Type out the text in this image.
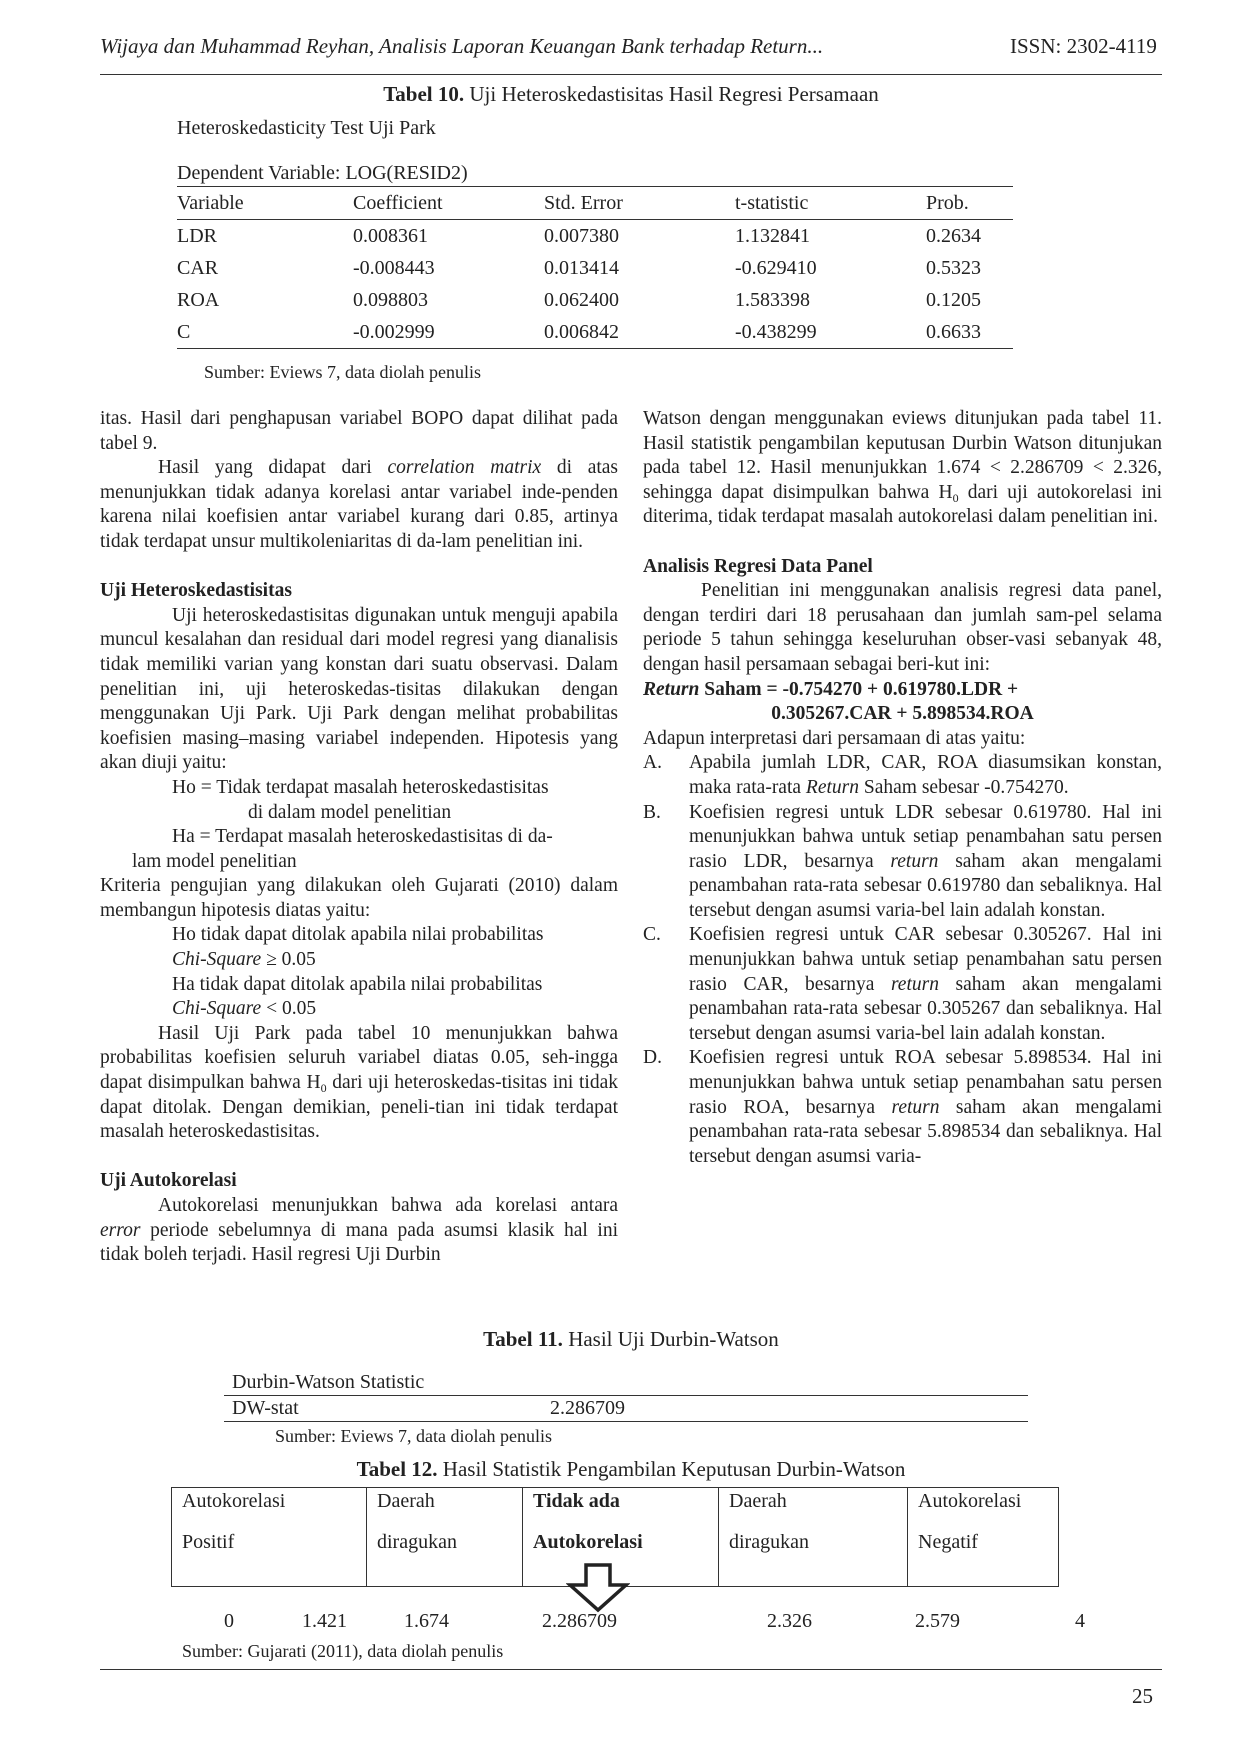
Wijaya dan Muhammad Reyhan, Analisis Laporan Keuangan Bank terhadap Return...	ISSN: 2302-4119
Tabel 10. Uji Heteroskedastisitas Hasil Regresi Persamaan
Heteroskedasticity Test Uji Park
Dependent Variable: LOG(RESID2)
Variable	Coefficient	Std. Error	t-statistic	Prob.
LDR	0.008361	0.007380	1.132841	0.2634
CAR	-0.008443	0.013414	-0.629410	0.5323
ROA	0.098803	0.062400	1.583398	0.1205
C	-0.002999	0.006842	-0.438299	0.6633
Sumber: Eviews 7, data diolah penulis

itas. Hasil dari penghapusan variabel BOPO dapat dilihat pada tabel 9.

Hasil yang didapat dari correlation matrix di atas menunjukkan tidak adanya korelasi antar variabel inde-penden karena nilai koefisien antar variabel kurang dari 0.85, artinya tidak terdapat unsur multikoleniaritas di da-lam penelitian ini.

Uji Heteroskedastisitas

Uji heteroskedastisitas digunakan untuk menguji apabila muncul kesalahan dan residual dari model regresi yang dianalisis tidak memiliki varian yang konstan dari suatu observasi. Dalam penelitian ini, uji heteroskedas-tisitas dilakukan dengan menggunakan Uji Park. Uji Park dengan melihat probabilitas koefisien masing–masing variabel independen. Hipotesis yang akan diuji yaitu:

Ho = Tidak terdapat masalah heteroskedastisitas

di dalam model penelitian

Ha = Terdapat masalah heteroskedastisitas di da-

lam model penelitian

Kriteria pengujian yang dilakukan oleh Gujarati (2010) dalam membangun hipotesis diatas yaitu:

Ho tidak dapat ditolak apabila nilai probabilitas

Chi-Square ≥ 0.05

Ha tidak dapat ditolak apabila nilai probabilitas

Chi-Square < 0.05

Hasil Uji Park pada tabel 10 menunjukkan bahwa probabilitas koefisien seluruh variabel diatas 0.05, seh-ingga dapat disimpulkan bahwa $H_0$ dari uji heteroskedas-tisitas ini tidak dapat ditolak. Dengan demikian, peneli-tian ini tidak terdapat masalah heteroskedastisitas.

Uji Autokorelasi

Autokorelasi menunjukkan bahwa ada korelasi antara error periode sebelumnya di mana pada asumsi klasik hal ini tidak boleh terjadi. Hasil regresi Uji Durbin

Watson dengan menggunakan eviews ditunjukan pada tabel 11. Hasil statistik pengambilan keputusan Durbin Watson ditunjukan pada tabel 12. Hasil menunjukkan 1.674 < 2.286709 < 2.326, sehingga dapat disimpulkan bahwa $H_0$ dari uji autokorelasi ini diterima, tidak terdapat masalah autokorelasi dalam penelitian ini.

Analisis Regresi Data Panel

Penelitian ini menggunakan analisis regresi data panel, dengan terdiri dari 18 perusahaan dan jumlah sam-pel selama periode 5 tahun sehingga keseluruhan obser-vasi sebanyak 48, dengan hasil persamaan sebagai beri-kut ini:

Return Saham = -0.754270 + 0.619780.LDR +

0.305267.CAR + 5.898534.ROA

Adapun interpretasi dari persamaan di atas yaitu:

A.	Apabila jumlah LDR, CAR, ROA diasumsikan konstan, maka rata-rata Return Saham sebesar -0.754270.

B.	Koefisien regresi untuk LDR sebesar 0.619780. Hal ini menunjukkan bahwa untuk setiap penambahan satu persen rasio LDR, besarnya return saham akan mengalami penambahan rata-rata sebesar 0.619780 dan sebaliknya. Hal tersebut dengan asumsi varia-bel lain adalah konstan.

C.	Koefisien regresi untuk CAR sebesar 0.305267. Hal ini menunjukkan bahwa untuk setiap penambahan satu persen rasio CAR, besarnya return saham akan mengalami penambahan rata-rata sebesar 0.305267 dan sebaliknya. Hal tersebut dengan asumsi varia-bel lain adalah konstan.

D.	Koefisien regresi untuk ROA sebesar 5.898534. Hal ini menunjukkan bahwa untuk setiap penambahan satu persen rasio ROA, besarnya return saham akan mengalami penambahan rata-rata sebesar 5.898534 dan sebaliknya. Hal tersebut dengan asumsi varia-

Tabel 11. Hasil Uji Durbin-Watson
Durbin-Watson Statistic
DW-stat	2.286709
Sumber: Eviews 7, data diolah penulis
Tabel 12. Hasil Statistik Pengambilan Keputusan Durbin-Watson
Autokorelasi
Positif

Daerah
diragukan

Tidak ada
Autokorelasi

Daerah
diragukan

Autokorelasi
Negatif
0	1.421	1.674	2.286709	2.326	2.579	4
Sumber: Gujarati (2011), data diolah penulis
25
